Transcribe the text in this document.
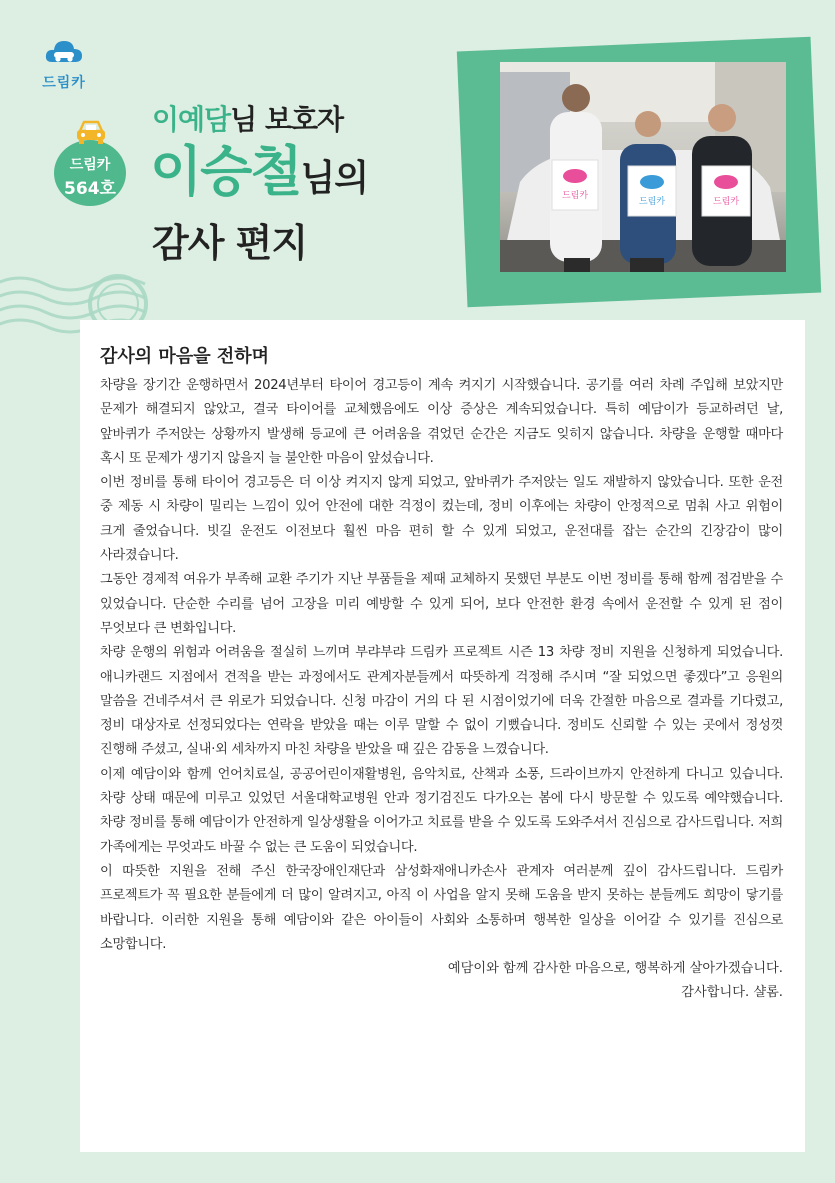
드림카
드림카
564호
이예담님 보호자
이승철님의
감사 편지
드림카
드림카	드림카
감사의 마음을 전하며

차량을 장기간 운행하면서 2024년부터 타이어 경고등이 계속 켜지기 시작했습니다. 공기를 여러 차례 주입해 보았지만 문제가 해결되지 않았고, 결국 타이어를 교체했음에도 이상 증상은 계속되었습니다. 특히 예담이가 등교하려던 날, 앞바퀴가 주저앉는 상황까지 발생해 등교에 큰 어려움을 겪었던 순간은 지금도 잊히지 않습니다. 차량을 운행할 때마다 혹시 또 문제가 생기지 않을지 늘 불안한 마음이 앞섰습니다.

이번 정비를 통해 타이어 경고등은 더 이상 켜지지 않게 되었고, 앞바퀴가 주저앉는 일도 재발하지 않았습니다. 또한 운전 중 제동 시 차량이 밀리는 느낌이 있어 안전에 대한 걱정이 컸는데, 정비 이후에는 차량이 안정적으로 멈춰 사고 위험이 크게 줄었습니다. 빗길 운전도 이전보다 훨씬 마음 편히 할 수 있게 되었고, 운전대를 잡는 순간의 긴장감이 많이 사라졌습니다.

그동안 경제적 여유가 부족해 교환 주기가 지난 부품들을 제때 교체하지 못했던 부분도 이번 정비를 통해 함께 점검받을 수 있었습니다. 단순한 수리를 넘어 고장을 미리 예방할 수 있게 되어, 보다 안전한 환경 속에서 운전할 수 있게 된 점이 무엇보다 큰 변화입니다.

차량 운행의 위험과 어려움을 절실히 느끼며 부랴부랴 드림카 프로젝트 시즌 13 차량 정비 지원을 신청하게 되었습니다. 애니카랜드 지점에서 견적을 받는 과정에서도 관계자분들께서 따뜻하게 걱정해 주시며 “잘 되었으면 좋겠다”고 응원의 말씀을 건네주셔서 큰 위로가 되었습니다. 신청 마감이 거의 다 된 시점이었기에 더욱 간절한 마음으로 결과를 기다렸고, 정비 대상자로 선정되었다는 연락을 받았을 때는 이루 말할 수 없이 기뻤습니다. 정비도 신뢰할 수 있는 곳에서 정성껏 진행해 주셨고, 실내·외 세차까지 마친 차량을 받았을 때 깊은 감동을 느꼈습니다.

이제 예담이와 함께 언어치료실, 공공어린이재활병원, 음악치료, 산책과 소풍, 드라이브까지 안전하게 다니고 있습니다. 차량 상태 때문에 미루고 있었던 서울대학교병원 안과 정기검진도 다가오는 봄에 다시 방문할 수 있도록 예약했습니다. 차량 정비를 통해 예담이가 안전하게 일상생활을 이어가고 치료를 받을 수 있도록 도와주셔서 진심으로 감사드립니다. 저희 가족에게는 무엇과도 바꿀 수 없는 큰 도움이 되었습니다.

이 따뜻한 지원을 전해 주신 한국장애인재단과 삼성화재애니카손사 관계자 여러분께 깊이 감사드립니다. 드림카 프로젝트가 꼭 필요한 분들에게 더 많이 알려지고, 아직 이 사업을 알지 못해 도움을 받지 못하는 분들께도 희망이 닿기를 바랍니다. 이러한 지원을 통해 예담이와 같은 아이들이 사회와 소통하며 행복한 일상을 이어갈 수 있기를 진심으로 소망합니다.

예담이와 함께 감사한 마음으로, 행복하게 살아가겠습니다.

감사합니다. 샬롬.
